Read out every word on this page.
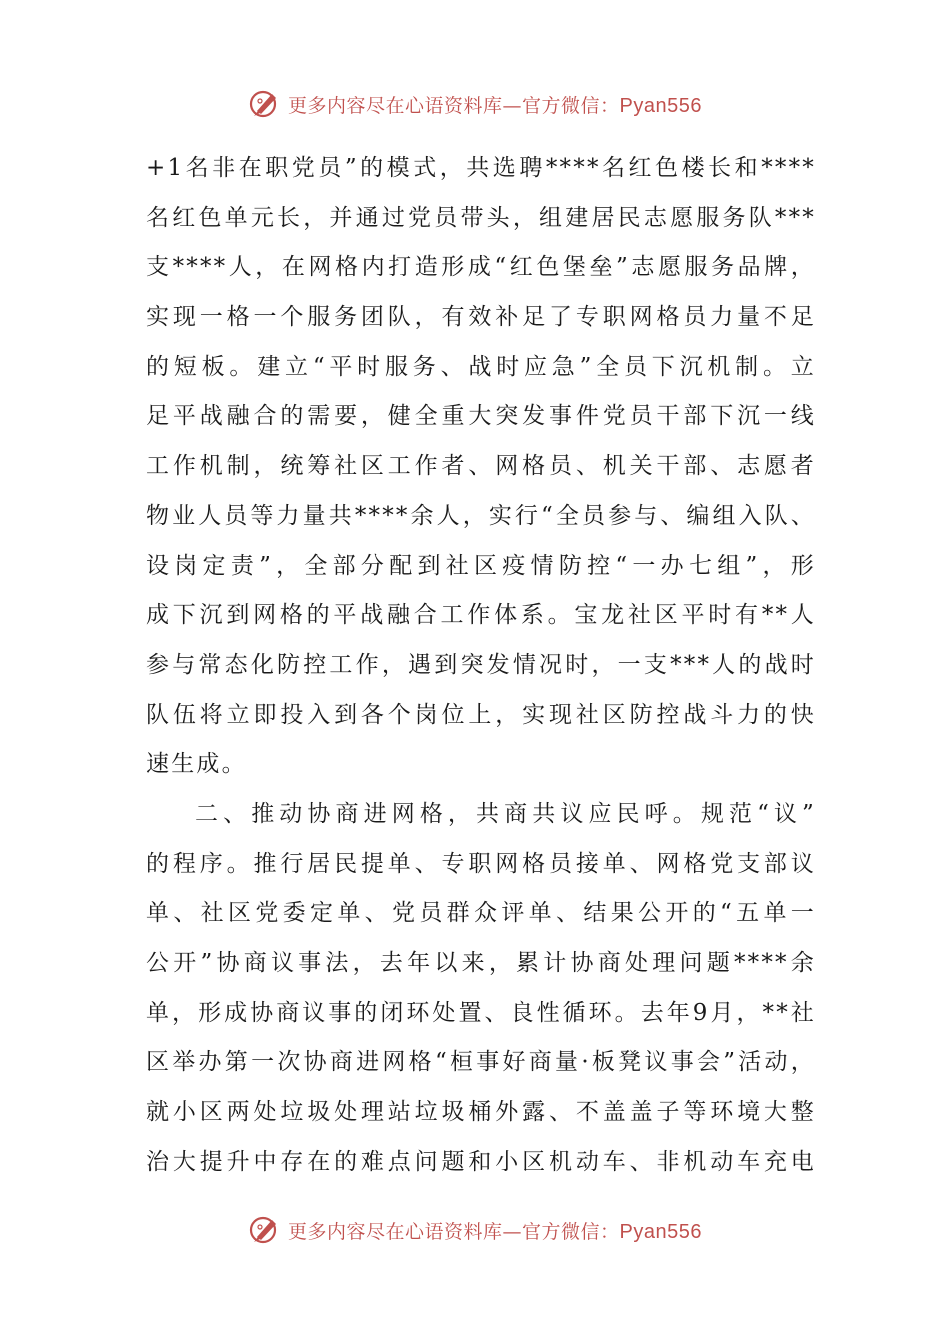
更多内容尽在心语资料库—官方微信：Pyan556
+1名非在职党员”的模式，共选聘****名红色楼长和****
名红色单元长，并通过党员带头，组建居民志愿服务队***
支****人，在网格内打造形成“红色堡垒”志愿服务品牌，
实现一格一个服务团队，有效补足了专职网格员力量不足
的短板。建立“平时服务、战时应急”全员下沉机制。立
足平战融合的需要，健全重大突发事件党员干部下沉一线
工作机制，统筹社区工作者、网格员、机关干部、志愿者
物业人员等力量共****余人，实行“全员参与、编组入队、
设岗定责”，全部分配到社区疫情防控“一办七组”，形
成下沉到网格的平战融合工作体系。宝龙社区平时有**人
参与常态化防控工作，遇到突发情况时，一支***人的战时
队伍将立即投入到各个岗位上，实现社区防控战斗力的快
速生成。
二、推动协商进网格，共商共议应民呼。规范“议”
的程序。推行居民提单、专职网格员接单、网格党支部议
单、社区党委定单、党员群众评单、结果公开的“五单一
公开”协商议事法，去年以来，累计协商处理问题****余
单，形成协商议事的闭环处置、良性循环。去年9月，**社
区举办第一次协商进网格“桓事好商量·板凳议事会”活动，
就小区两处垃圾处理站垃圾桶外露、不盖盖子等环境大整
治大提升中存在的难点问题和小区机动车、非机动车充电
更多内容尽在心语资料库—官方微信：Pyan556
